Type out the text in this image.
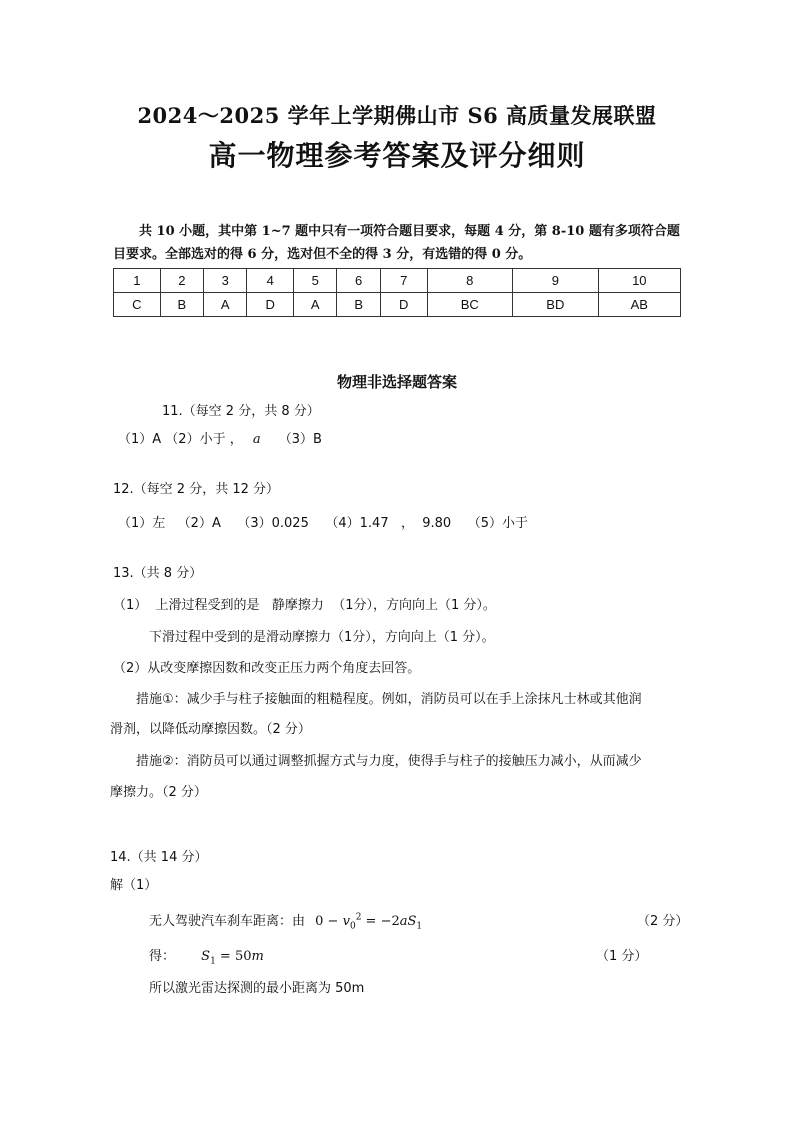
2024～2025 学年上学期佛山市 S6 高质量发展联盟
高一物理参考答案及评分细则
共 10 小题，其中第 1~7 题中只有一项符合题目要求，每题 4 分，第 8-10 题有多项符合题目要求。全部选对的得 6 分，选对但不全的得 3 分，有选错的得 0 分。
1	2	3	4	5	6	7	8	9	10
C	B	A	D	A	B	D	BC	BD	AB
物理非选择题答案
11.（每空 2 分，共 8 分）
（1）A （2）小于 ， a （3）B
12.（每空 2 分，共 12 分）
（1）左   （2）A    （3）0.025    （4）1.47   ，  9.80    （5）小于
13.（共 8 分）
（1）  上滑过程受到的是   静摩擦力  （1分），方向向上（1 分）。
下滑过程中受到的是滑动摩擦力（1分），方向向上（1 分）。
（2）从改变摩擦因数和改变正压力两个角度去回答。
措施①：减少手与柱子接触面的粗糙程度。例如，消防员可以在手上涂抹凡士林或其他润
滑剂，以降低动摩擦因数。（2 分）
措施②：消防员可以通过调整抓握方式与力度，使得手与柱子的接触压力减小，从而减少
摩擦力。（2 分）
14.（共 14 分）
解（1）
无人驾驶汽车刹车距离：由 $0 - v_0^2 = -2aS_1$	（2 分）
得： $S_1 = 50m$	（1 分）
所以激光雷达探测的最小距离为 50m
